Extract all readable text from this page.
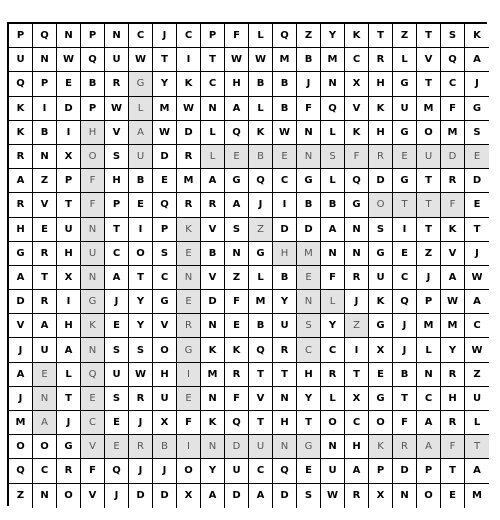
P	Q	N	P	N	C	J	C	P	F	L	Q	Z	Y	K	T	Z	T	S	K
U	N	W	Q	U	W	T	I	T	W	W	M	B	M	C	R	L	V	Q	A
Q	P	E	B	R	G	Y	K	C	H	B	B	J	N	X	H	G	T	C	J
K	I	D	P	W	L	M	W	N	A	L	B	F	Q	V	K	U	M	F	G
K	B	I	H	V	A	W	D	L	Q	K	W	N	L	K	H	G	O	M	S
R	N	X	O	S	U	D	R	L	E	B	E	N	S	F	R	E	U	D	E
A	Z	P	F	H	B	E	M	A	G	Q	C	G	L	Q	D	G	T	R	D
R	V	T	F	P	E	Q	R	R	A	J	I	B	B	G	O	T	T	F	E
H	E	U	N	T	I	P	K	V	S	Z	D	D	A	N	S	I	T	K	T
G	R	H	U	C	O	S	E	B	N	G	H	M	N	N	G	E	Z	V	J
A	T	X	N	A	T	C	N	V	Z	L	B	E	F	R	U	C	J	A	W
D	R	I	G	J	Y	G	E	D	F	M	Y	N	L	J	K	Q	P	W	A
V	A	H	K	E	Y	V	R	N	E	B	U	S	Y	Z	G	J	M	M	C
J	U	A	N	S	S	O	G	K	K	Q	R	C	C	I	X	J	L	Y	W
A	E	L	Q	U	W	H	I	M	R	T	T	H	R	T	E	B	N	R	Z
J	N	T	E	S	R	U	E	N	F	V	N	Y	L	X	G	T	C	H	U
M	A	J	C	E	J	X	F	K	Q	T	H	T	O	C	O	F	A	R	L
O	O	G	V	E	R	B	I	N	D	U	N	G	N	H	K	R	A	F	T
Q	C	R	F	Q	J	J	O	Y	U	C	Q	E	U	A	P	D	P	T	A
Z	N	O	V	J	D	D	X	A	D	A	D	S	W	R	X	N	O	E	M
